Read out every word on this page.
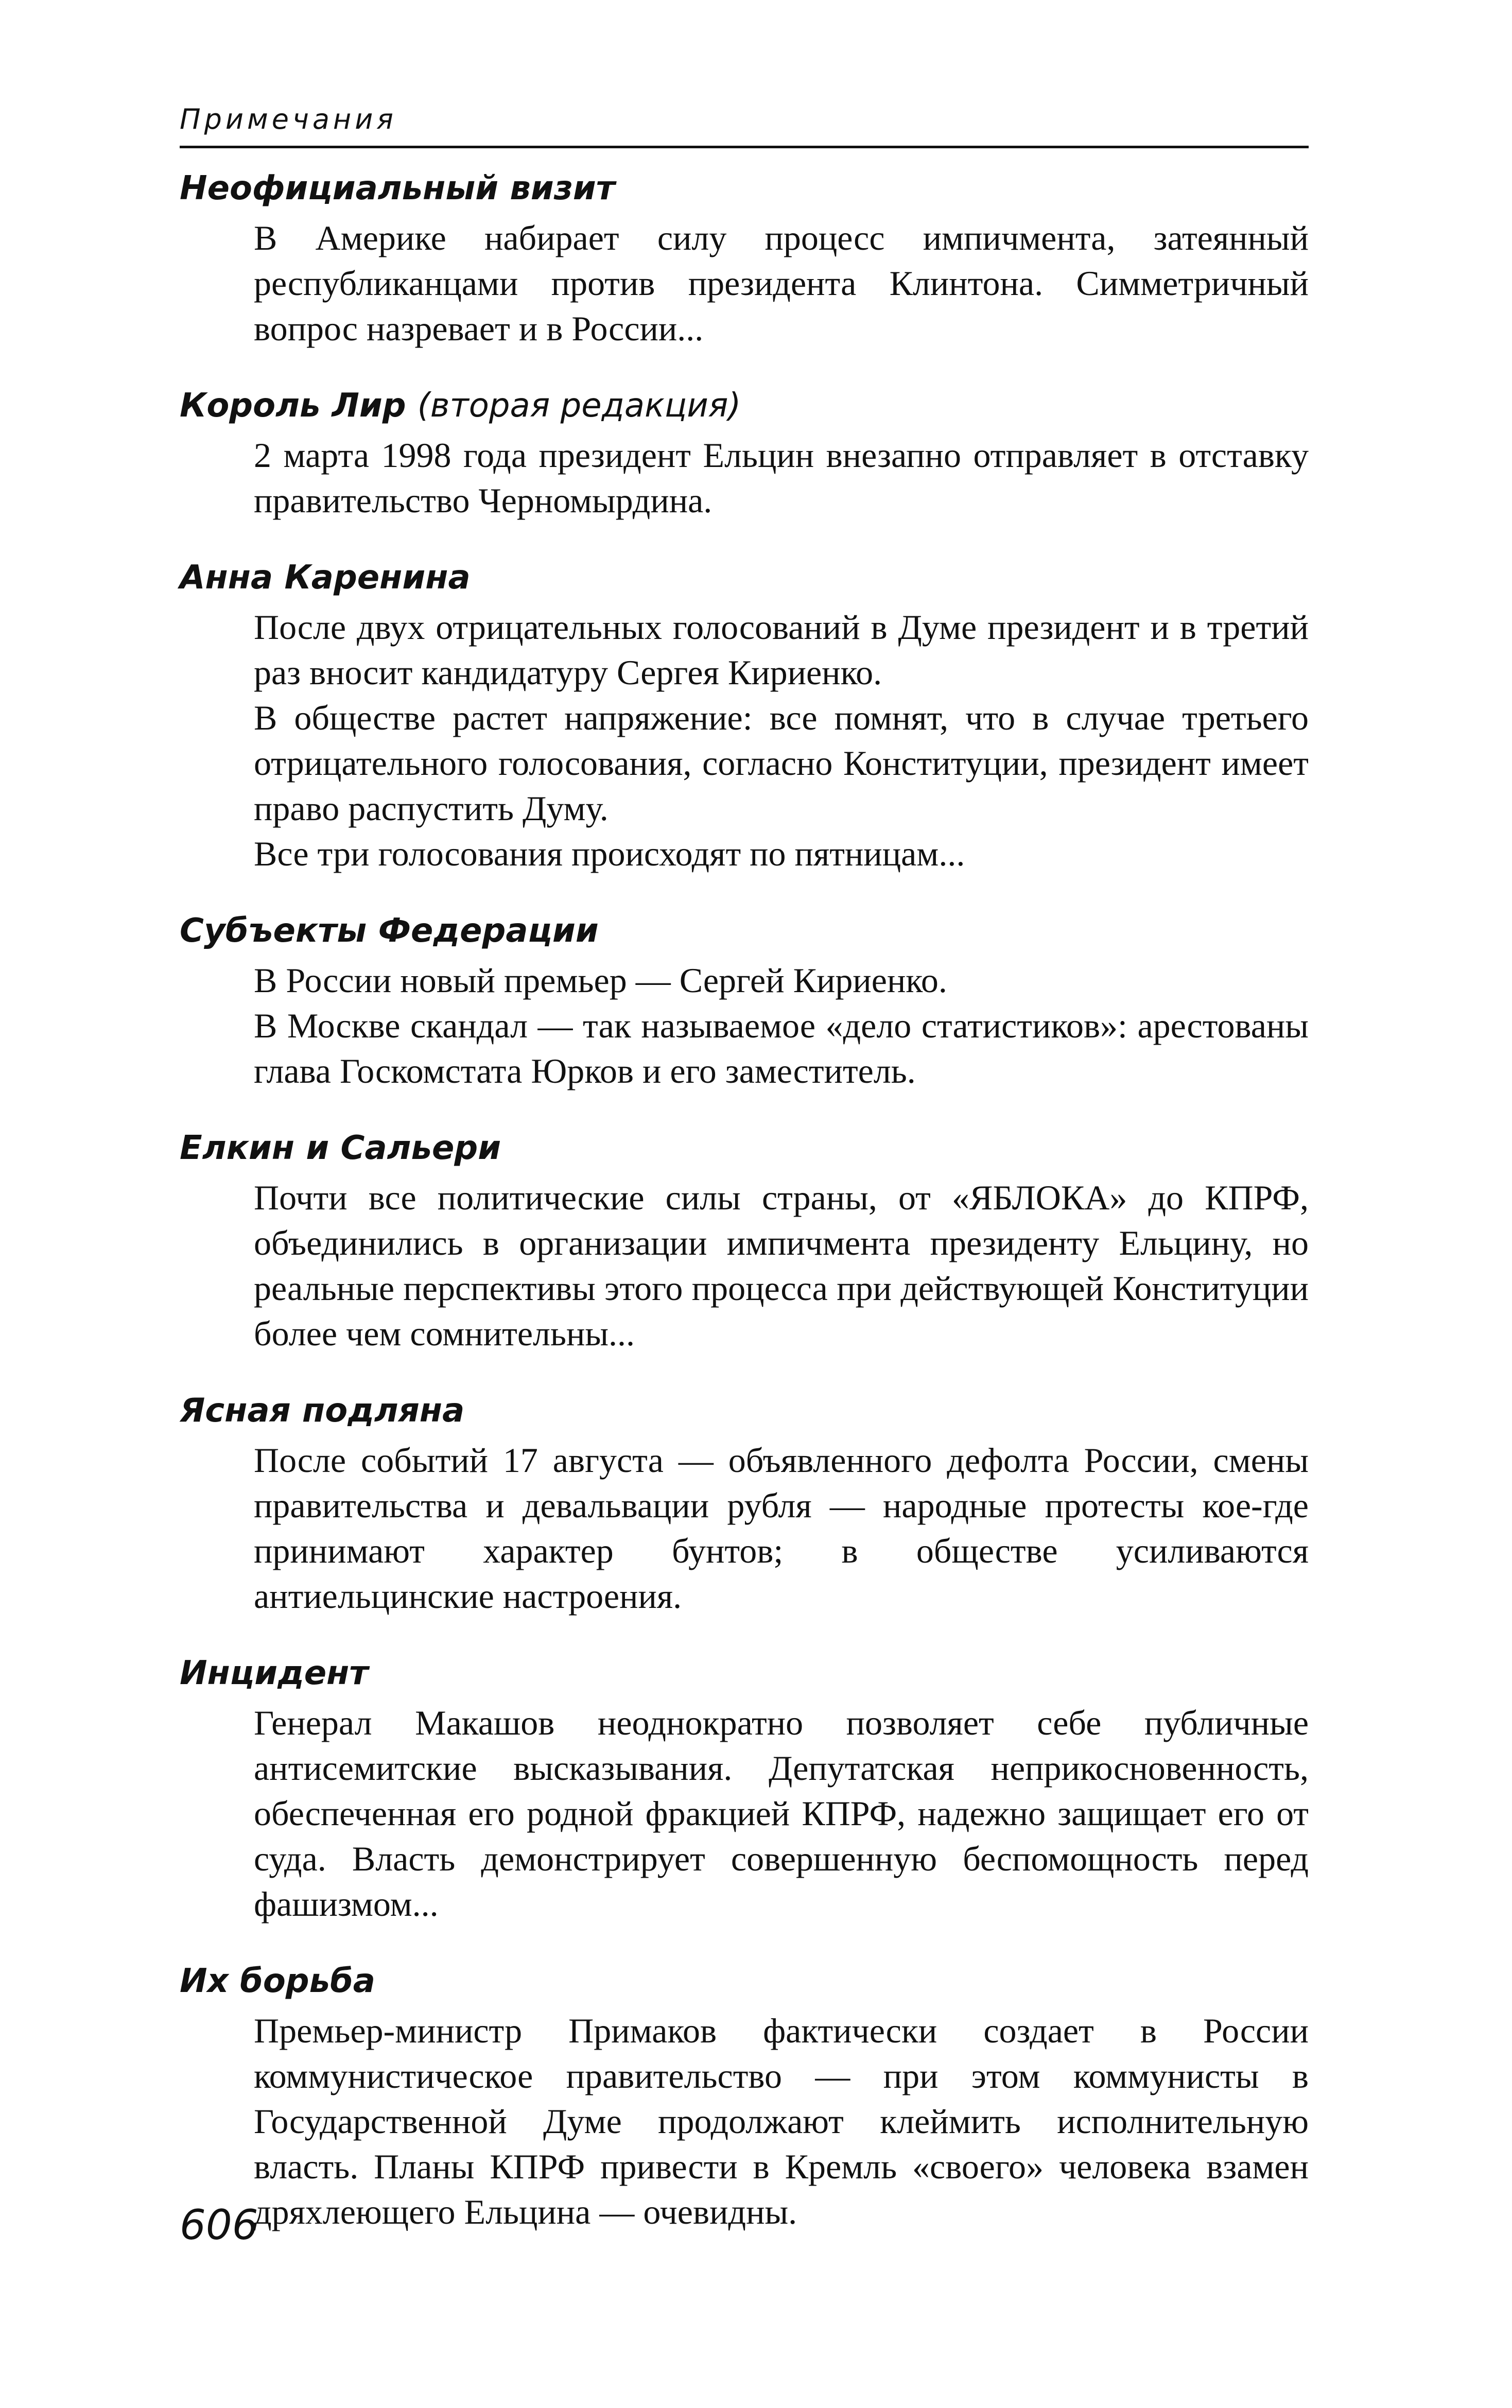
Примечания
Неофициальный визит
В Америке набирает силу процесс импичмента, затеянный республиканцами против президента Клинтона. Симметричный вопрос назревает и в России...
Король Лир (вторая редакция)
2 марта 1998 года президент Ельцин внезапно отправляет в отставку правительство Черномырдина.
Анна Каренина
После двух отрицательных голосований в Думе президент и в третий раз вносит кандидатуру Сергея Кириенко.
В обществе растет напряжение: все помнят, что в случае третьего отрицательного голосования, согласно Конституции, президент имеет право распустить Думу.
Все три голосования происходят по пятницам...
Субъекты Федерации
В России новый премьер — Сергей Кириенко.
В Москве скандал — так называемое «дело статистиков»: арестованы глава Госкомстата Юрков и его заместитель.
Елкин и Сальери
Почти все политические силы страны, от «ЯБЛОКА» до КПРФ, объединились в организации импичмента президенту Ельцину, но реальные перспективы этого процесса при действующей Конституции более чем сомнительны...
Ясная подляна
После событий 17 августа — объявленного дефолта России, смены правительства и девальвации рубля — народные протесты кое-где принимают характер бунтов; в обществе усиливаются антиельцинские настроения.
Инцидент
Генерал Макашов неоднократно позволяет себе публичные антисемитские высказывания. Депутатская неприкосновенность, обеспеченная его родной фракцией КПРФ, надежно защищает его от суда. Власть демонстрирует совершенную беспомощность перед фашизмом...
Их борьба
Премьер-министр Примаков фактически создает в России коммунистическое правительство — при этом коммунисты в Государственной Думе продолжают клеймить исполнительную власть. Планы КПРФ привести в Кремль «своего» человека взамен дряхлеющего Ельцина — очевидны.
606
